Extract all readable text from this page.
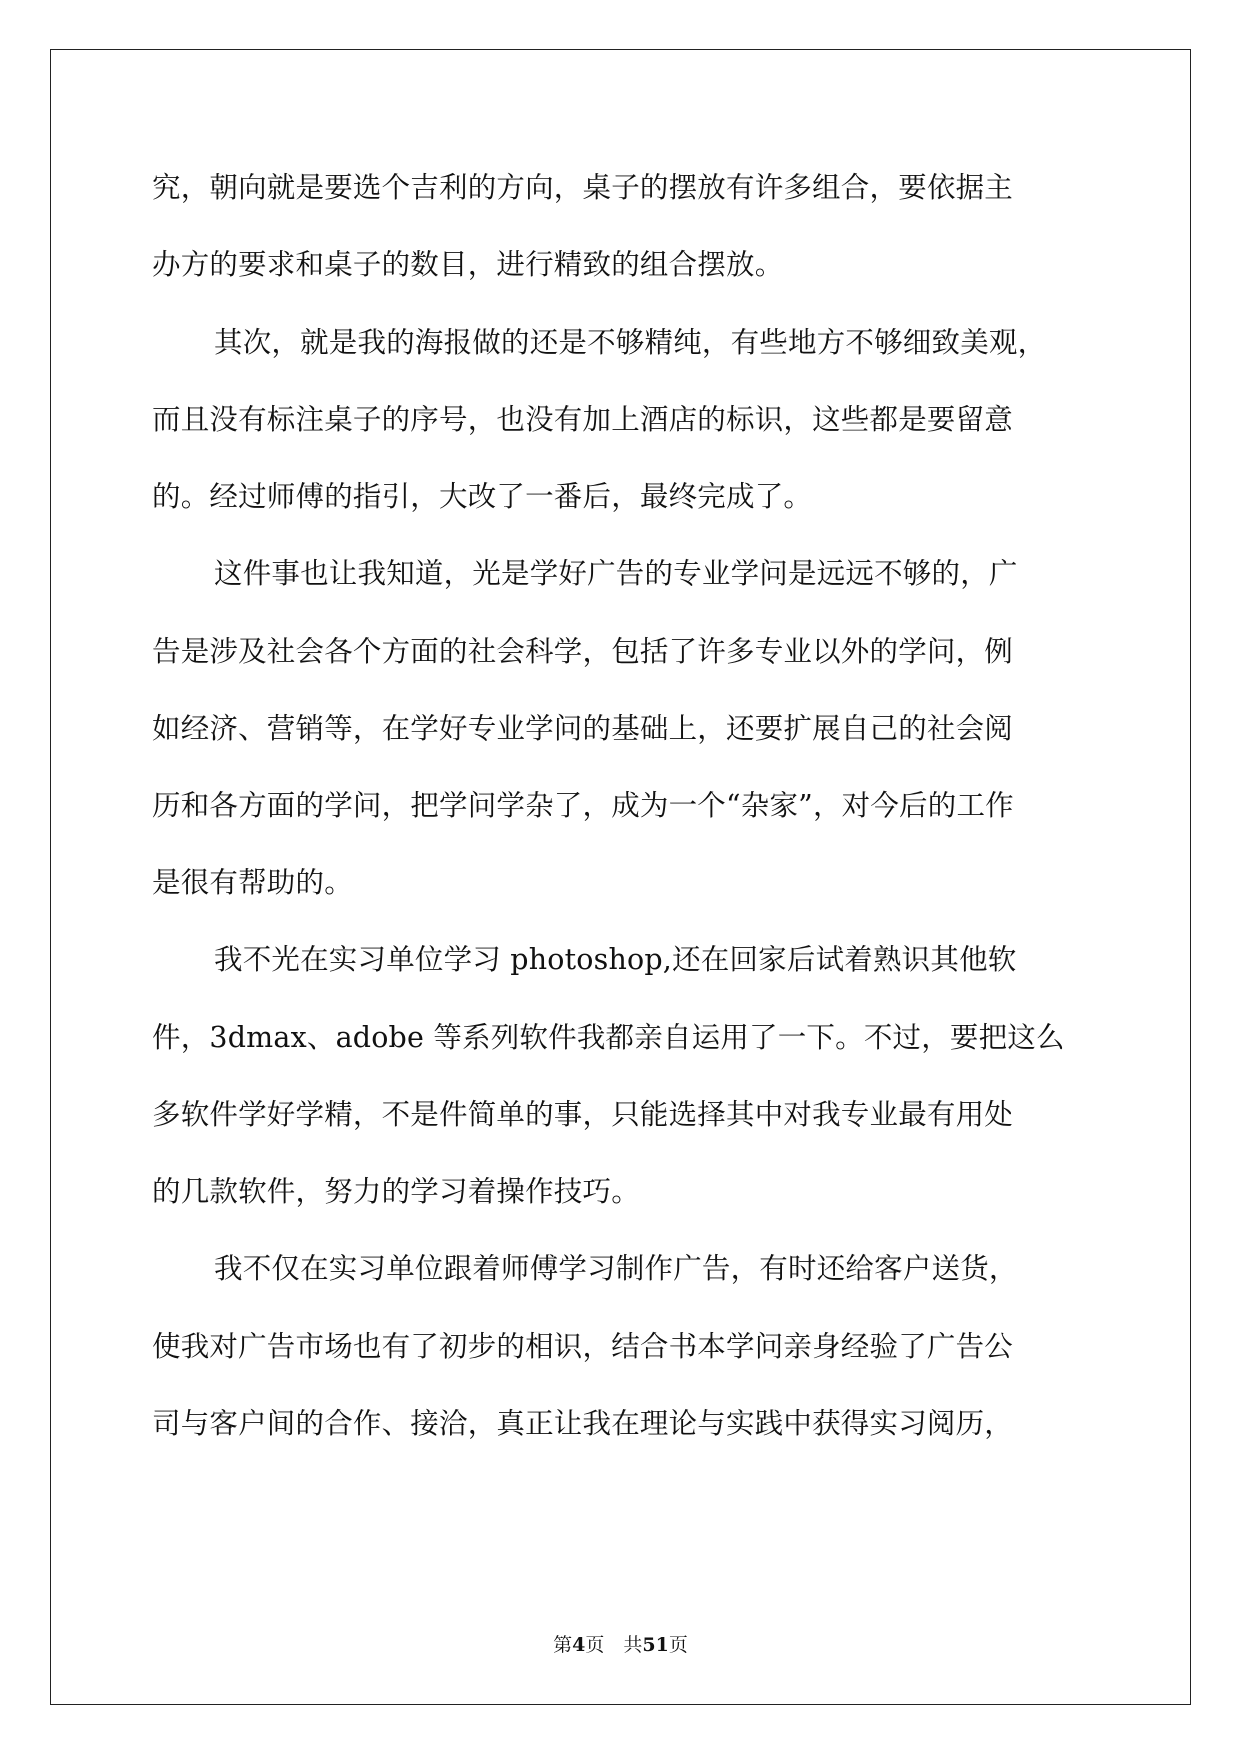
究，朝向就是要选个吉利的方向，桌子的摆放有许多组合，要依据主
办方的要求和桌子的数目，进行精致的组合摆放。
其次，就是我的海报做的还是不够精纯，有些地方不够细致美观，
而且没有标注桌子的序号，也没有加上酒店的标识，这些都是要留意
的。经过师傅的指引，大改了一番后，最终完成了。
这件事也让我知道，光是学好广告的专业学问是远远不够的，广
告是涉及社会各个方面的社会科学，包括了许多专业以外的学问，例
如经济、营销等，在学好专业学问的基础上，还要扩展自己的社会阅
历和各方面的学问，把学问学杂了，成为一个“杂家”，对今后的工作
是很有帮助的。
我不光在实习单位学习 photoshop,还在回家后试着熟识其他软
件，3dmax、adobe 等系列软件我都亲自运用了一下。不过，要把这么
多软件学好学精，不是件简单的事，只能选择其中对我专业最有用处
的几款软件，努力的学习着操作技巧。
我不仅在实习单位跟着师傅学习制作广告，有时还给客户送货，
使我对广告市场也有了初步的相识，结合书本学问亲身经验了广告公
司与客户间的合作、接洽，真正让我在理论与实践中获得实习阅历，
第4页　共51页
